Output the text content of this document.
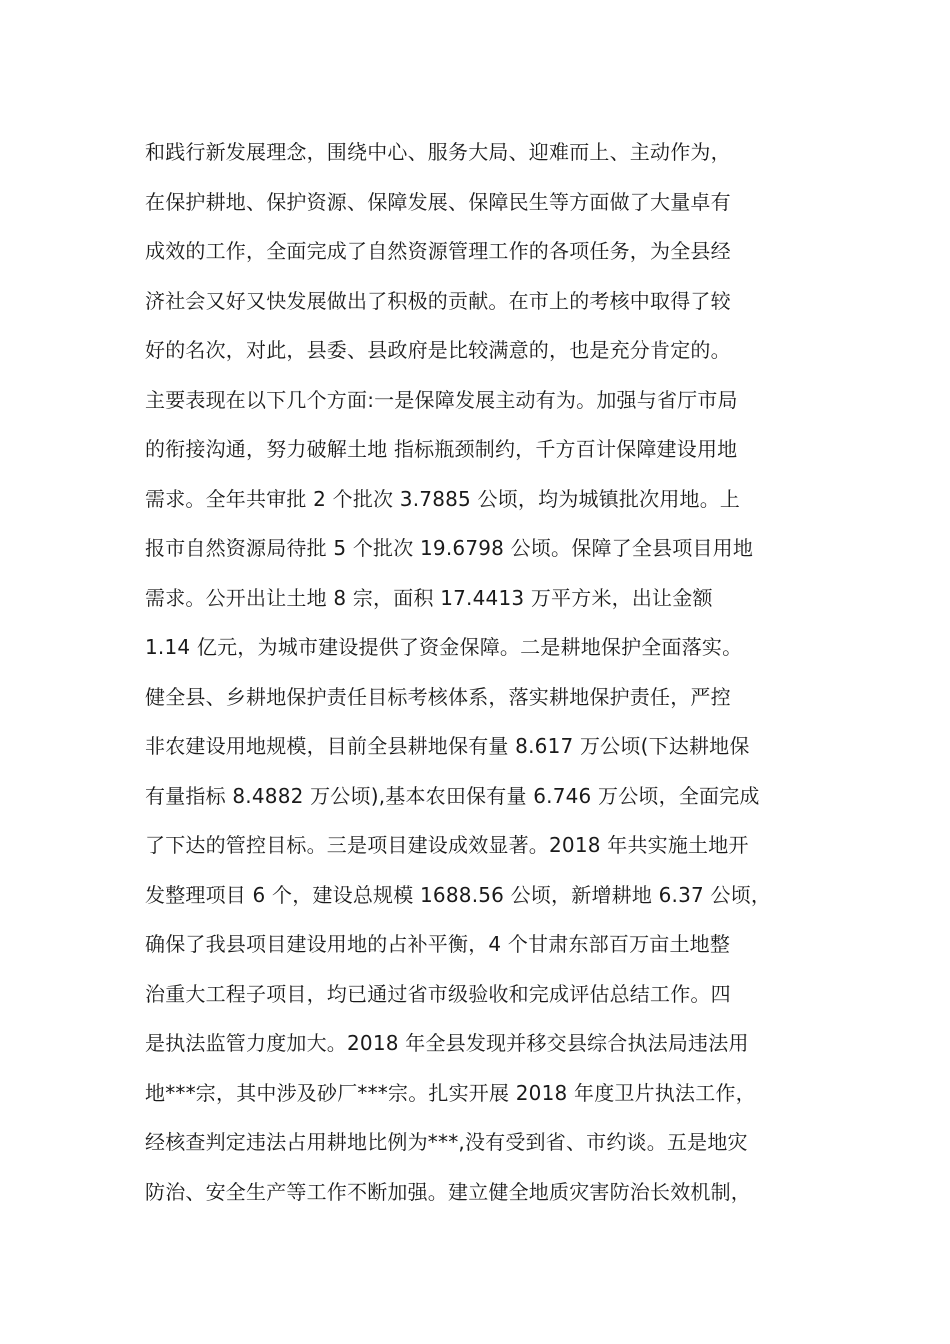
和践行新发展理念，围绕中心、服务大局、迎难而上、主动作为，
在保护耕地、保护资源、保障发展、保障民生等方面做了大量卓有
成效的工作，全面完成了自然资源管理工作的各项任务，为全县经
济社会又好又快发展做出了积极的贡献。在市上的考核中取得了较
好的名次，对此，县委、县政府是比较满意的，也是充分肯定的。
主要表现在以下几个方面:一是保障发展主动有为。加强与省厅市局
的衔接沟通，努力破解土地 指标瓶颈制约，千方百计保障建设用地
需求。全年共审批 2 个批次 3.7885 公顷，均为城镇批次用地。上
报市自然资源局待批 5 个批次 19.6798 公顷。保障了全县项目用地
需求。公开出让土地 8 宗，面积 17.4413 万平方米，出让金额
1.14 亿元，为城市建设提供了资金保障。二是耕地保护全面落实。
健全县、乡耕地保护责任目标考核体系，落实耕地保护责任，严控
非农建设用地规模，目前全县耕地保有量 8.617 万公顷(下达耕地保
有量指标 8.4882 万公顷),基本农田保有量 6.746 万公顷，全面完成
了下达的管控目标。三是项目建设成效显著。2018 年共实施土地开
发整理项目 6 个，建设总规模 1688.56 公顷，新增耕地 6.37 公顷，
确保了我县项目建设用地的占补平衡，4 个甘肃东部百万亩土地整
治重大工程子项目，均已通过省市级验收和完成评估总结工作。四
是执法监管力度加大。2018 年全县发现并移交县综合执法局违法用
地***宗，其中涉及砂厂***宗。扎实开展 2018 年度卫片执法工作，
经核查判定违法占用耕地比例为***,没有受到省、市约谈。五是地灾
防治、安全生产等工作不断加强。建立健全地质灾害防治长效机制，
